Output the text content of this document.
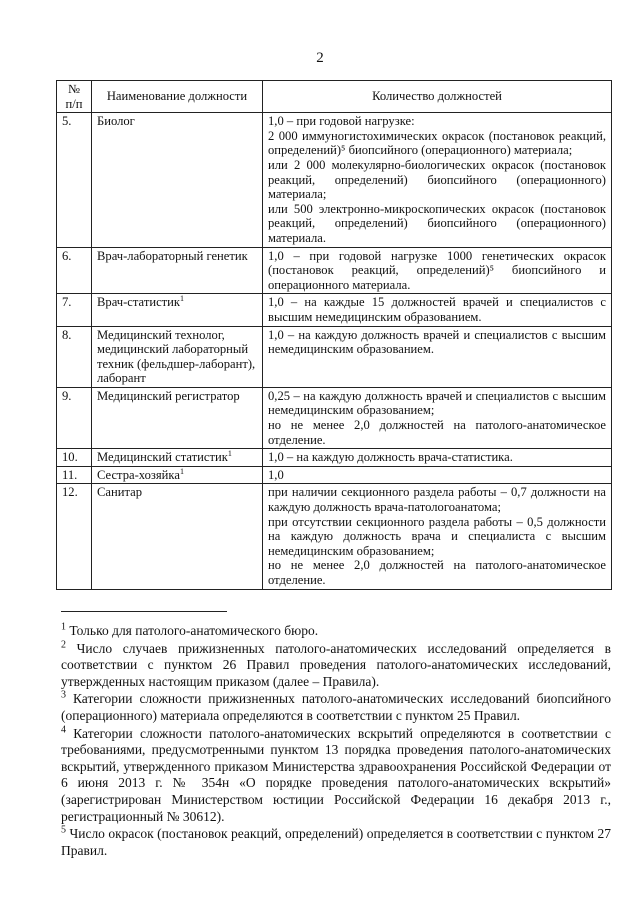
2
№ п/п	Наименование должности	Количество должностей
5.	Биолог	1,0 – при годовой нагрузке:
2 000 иммуногистохимических окрасок (постановок реакций, определений)⁵ биопсийного (операционного) материала;
или 2 000 молекулярно-биологических окрасок (постановок реакций, определений) биопсийного (операционного) материала;
или 500 электронно-микроскопических окрасок (постановок реакций, определений) биопсийного (операционного) материала.

6.	Врач-лабораторный генетик	1,0 – при годовой нагрузке 1000 генетических окрасок (постановок реакций, определений)⁵ биопсийного и операционного материала.

7.	Врач-статистик$^1$	1,0 – на каждые 15 должностей врачей и специалистов с высшим немедицинским образованием.

8.	Медицинский технолог, медицинский лабораторный техник (фельдшер-лаборант), лаборант	1,0 – на каждую должность врачей и специалистов с высшим немедицинским образованием.

9.	Медицинский регистратор	0,25 – на каждую должность врачей и специалистов с высшим немедицинским образованием;
но не менее 2,0 должностей на патолого-анатомическое отделение.

10.	Медицинский статистик$^1$	1,0 – на каждую должность врача-статистика.

11.	Сестра-хозяйка$^1$	1,0

12.	Санитар	при наличии секционного раздела работы – 0,7 должности на каждую должность врача-патологоанатома;
при отсутствии секционного раздела работы – 0,5 должности на каждую должность врача и специалиста с высшим немедицинским образованием;
но не менее 2,0 должностей на патолого-анатомическое отделение.
$^1$ Только для патолого-анатомического бюро.
$^2$ Число случаев прижизненных патолого-анатомических исследований определяется в соответствии с пунктом 26 Правил проведения патолого-анатомических исследований, утвержденных настоящим приказом (далее – Правила).
$^3$ Категории сложности прижизненных патолого-анатомических исследований биопсийного (операционного) материала определяются в соответствии с пунктом 25 Правил.
$^4$ Категории сложности патолого-анатомических вскрытий определяются в соответствии с требованиями, предусмотренными пунктом 13 порядка проведения патолого-анатомических вскрытий, утвержденного приказом Министерства здравоохранения Российской Федерации от 6 июня 2013 г. № 354н «О порядке проведения патолого-анатомических вскрытий» (зарегистрирован Министерством юстиции Российской Федерации 16 декабря 2013 г., регистрационный № 30612).
$^5$ Число окрасок (постановок реакций, определений) определяется в соответствии с пунктом 27 Правил.
